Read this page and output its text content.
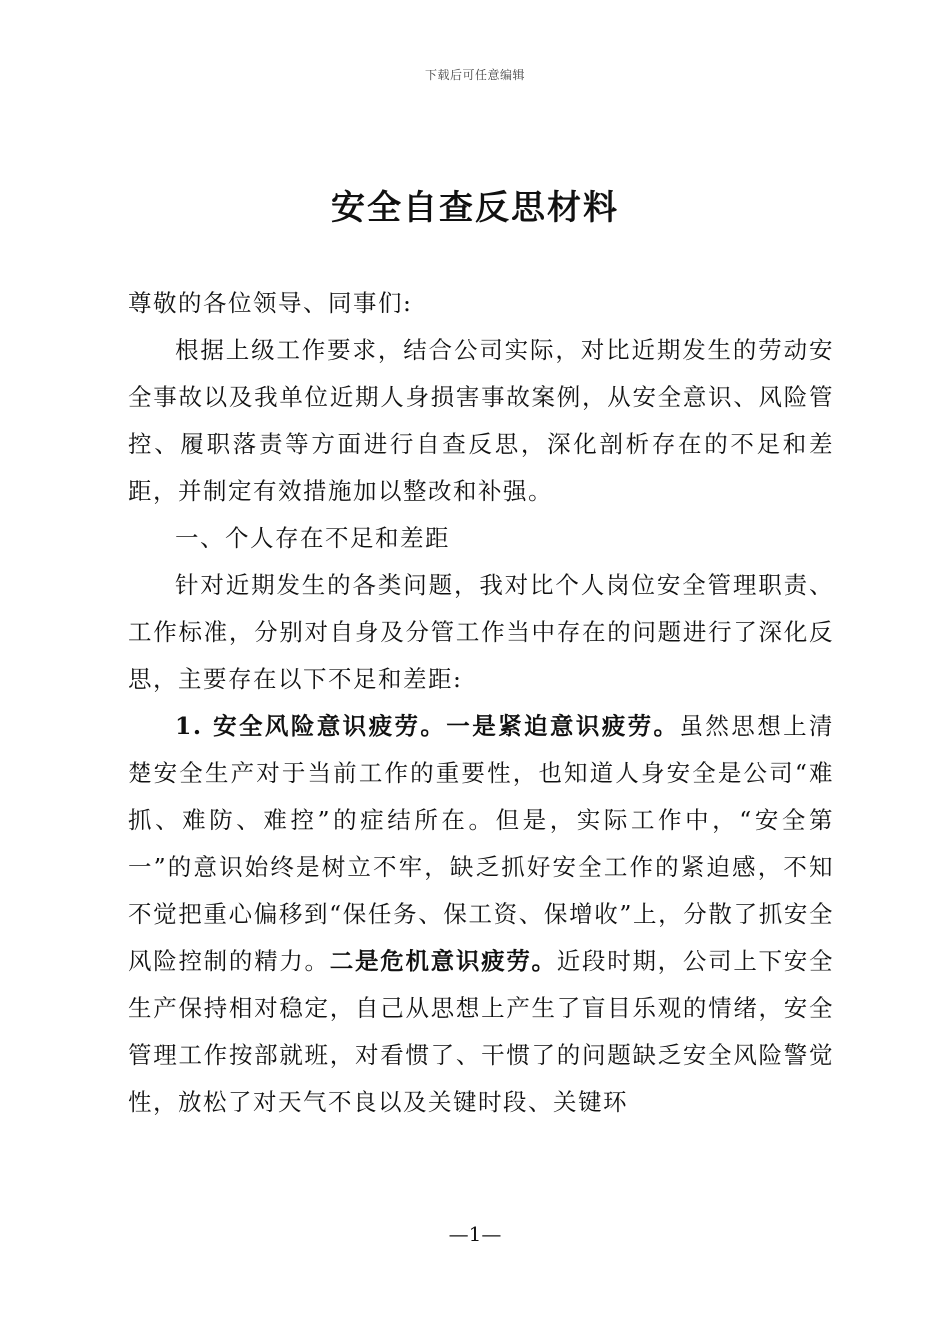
下载后可任意编辑
安全自查反思材料

尊敬的各位领导、同事们:

根据上级工作要求，结合公司实际，对比近期发生的劳动安全事故以及我单位近期人身损害事故案例，从安全意识、风险管控、履职落责等方面进行自查反思，深化剖析存在的不足和差距，并制定有效措施加以整改和补强。

一、个人存在不足和差距

针对近期发生的各类问题，我对比个人岗位安全管理职责、工作标准，分别对自身及分管工作当中存在的问题进行了深化反思，主要存在以下不足和差距:

1. 安全风险意识疲劳。一是紧迫意识疲劳。虽然思想上清楚安全生产对于当前工作的重要性，也知道人身安全是公司“难抓、难防、难控”的症结所在。但是，实际工作中，“安全第一”的意识始终是树立不牢，缺乏抓好安全工作的紧迫感，不知不觉把重心偏移到“保任务、保工资、保增收”上，分散了抓安全风险控制的精力。二是危机意识疲劳。近段时期，公司上下安全生产保持相对稳定，自己从思想上产生了盲目乐观的情绪，安全管理工作按部就班，对看惯了、干惯了的问题缺乏安全风险警觉性，放松了对天气不良以及关键时段、关键环

—1—
